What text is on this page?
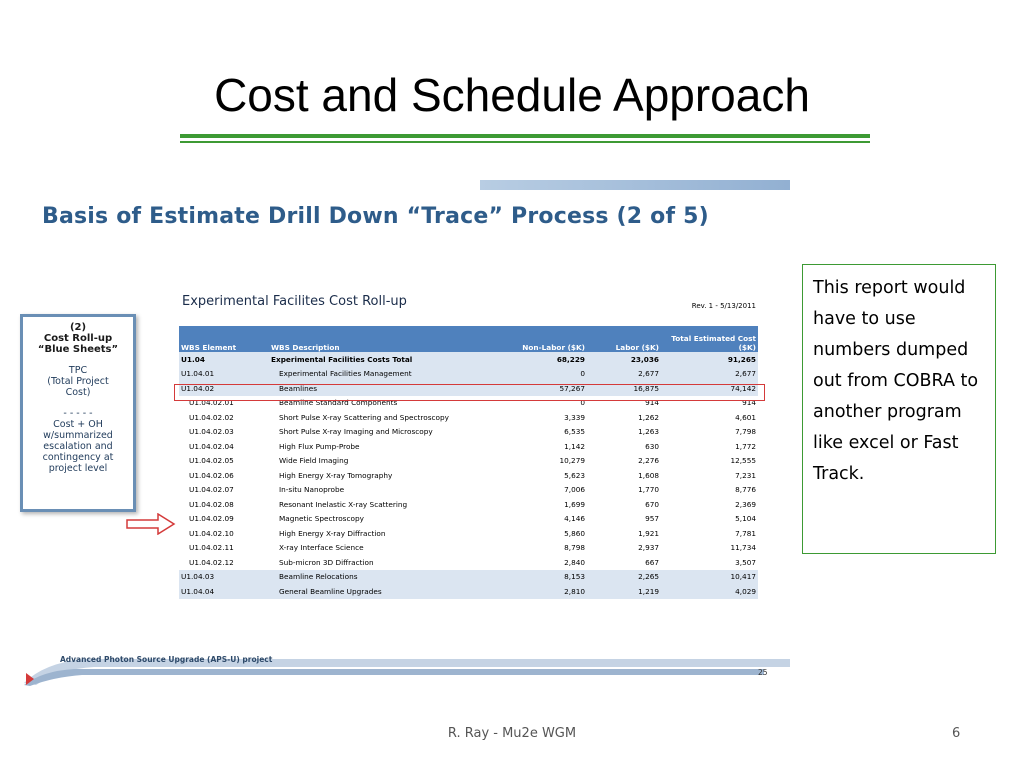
Cost and Schedule Approach
Basis of Estimate Drill Down “Trace” Process (2 of 5)
(2)
Cost Roll-up
“Blue Sheets”
TPC
(Total Project
Cost)
- - - - -
Cost + OH
w/summarized
escalation and
contingency at
project level
Experimental Facilites Cost Roll-up	Rev. 1 - 5/13/2011
WBS Element	WBS Description	Non-Labor ($K)	Labor ($K)	Total Estimated Cost
($K)

U1.04	Experimental Facilities Costs Total	68,229	23,036	91,265
U1.04.01	Experimental Facilities Management	0	2,677	2,677
U1.04.02	Beamlines	57,267	16,875	74,142
U1.04.02.01	Beamline Standard Components	0	914	914
U1.04.02.02	Short Pulse X-ray Scattering and Spectroscopy	3,339	1,262	4,601
U1.04.02.03	Short Pulse X-ray Imaging and Microscopy	6,535	1,263	7,798
U1.04.02.04	High Flux Pump-Probe	1,142	630	1,772
U1.04.02.05	Wide Field Imaging	10,279	2,276	12,555
U1.04.02.06	High Energy X-ray Tomography	5,623	1,608	7,231
U1.04.02.07	In-situ Nanoprobe	7,006	1,770	8,776
U1.04.02.08	Resonant Inelastic X-ray Scattering	1,699	670	2,369
U1.04.02.09	Magnetic Spectroscopy	4,146	957	5,104
U1.04.02.10	High Energy X-ray Diffraction	5,860	1,921	7,781
U1.04.02.11	X-ray Interface Science	8,798	2,937	11,734
U1.04.02.12	Sub-micron 3D Diffraction	2,840	667	3,507
U1.04.03	Beamline Relocations	8,153	2,265	10,417
U1.04.04	General Beamline Upgrades	2,810	1,219	4,029
Advanced Photon Source Upgrade (APS-U) project
25
This report would have to use numbers dumped out from COBRA to another program like excel or Fast Track.
R. Ray - Mu2e WGM	6
